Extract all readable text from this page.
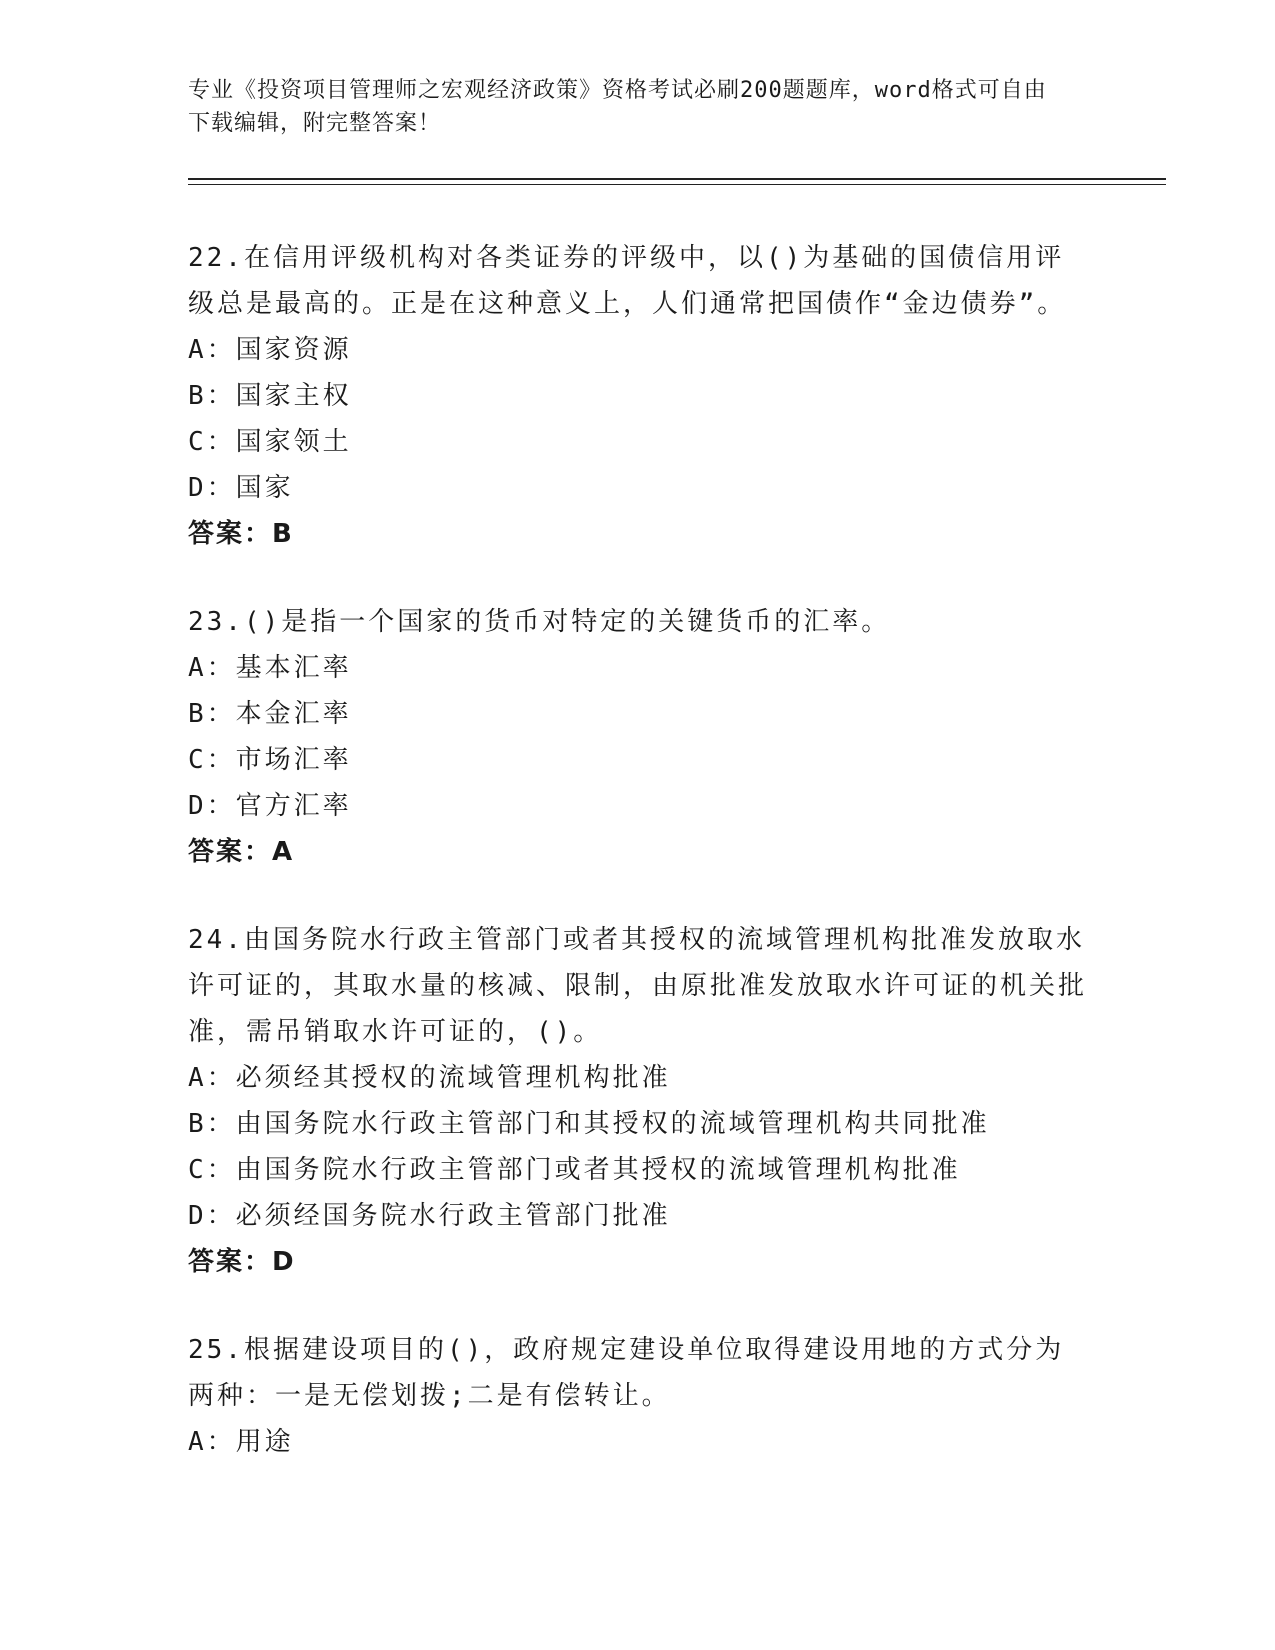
专业《投资项目管理师之宏观经济政策》资格考试必刷200题题库，word格式可自由下载编辑，附完整答案！
22.在信用评级机构对各类证券的评级中，以()为基础的国债信用评级总是最高的。正是在这种意义上，人们通常把国债作“金边债券”。
A：国家资源
B：国家主权
C：国家领土
D：国家
答案：B
23.()是指一个国家的货币对特定的关键货币的汇率。
A：基本汇率
B：本金汇率
C：市场汇率
D：官方汇率
答案：A
24.由国务院水行政主管部门或者其授权的流域管理机构批准发放取水许可证的，其取水量的核减、限制，由原批准发放取水许可证的机关批准，需吊销取水许可证的，()。
A：必须经其授权的流域管理机构批准
B：由国务院水行政主管部门和其授权的流域管理机构共同批准
C：由国务院水行政主管部门或者其授权的流域管理机构批准
D：必须经国务院水行政主管部门批准
答案：D
25.根据建设项目的()，政府规定建设单位取得建设用地的方式分为两种：一是无偿划拨;二是有偿转让。
A：用途
